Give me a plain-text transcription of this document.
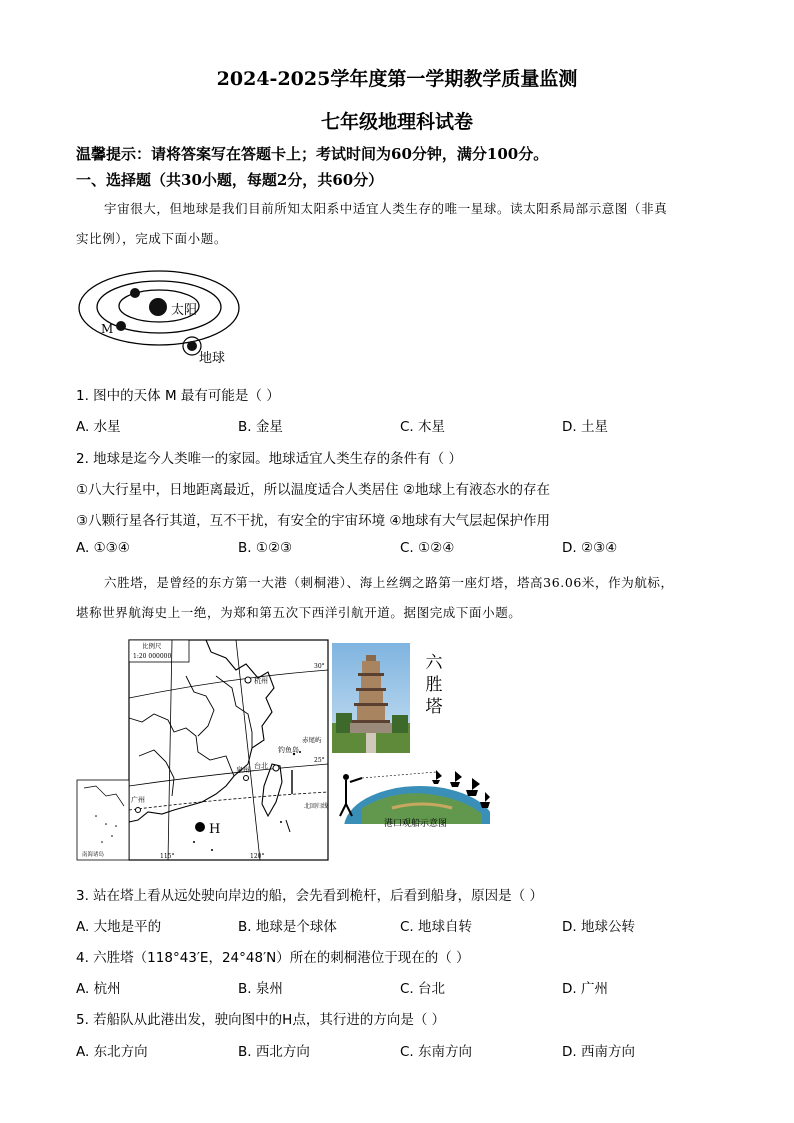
2024-2025学年度第一学期教学质量监测
七年级地理科试卷
温馨提示：请将答案写在答题卡上；考试时间为60分钟，满分100分。
一、选择题（共30小题，每题2分，共60分）
宇宙很大，但地球是我们目前所知太阳系中适宜人类生存的唯一星球。读太阳系局部示意图（非真
实比例），完成下面小题。
太阳
M
地球
1. 图中的天体 M 最有可能是（ ）
A. 水星	B. 金星	C. 木星	D. 土星
2. 地球是迄今人类唯一的家园。地球适宜人类生存的条件有（ ）
①八大行星中，日地距离最近，所以温度适合人类居住 ②地球上有液态水的存在
③八颗行星各行其道，互不干扰，有安全的宇宙环境 ④地球有大气层起保护作用
A. ①③④	B. ①②③	C. ①②④	D. ②③④
六胜塔，是曾经的东方第一大港（刺桐港）、海上丝绸之路第一座灯塔，塔高36.06米，作为航标，
堪称世界航海史上一绝，为郑和第五次下西洋引航开道。据图完成下面小题。
比例尺
1:20 000000
杭州
泉州 台北
广州
钓鱼岛
赤尾屿
30°
25°
北回归线
115°	120°
H
南海诸岛
六胜塔
港口观船示意图
3. 站在塔上看从远处驶向岸边的船，会先看到桅杆，后看到船身，原因是（ ）
A. 大地是平的	B. 地球是个球体	C. 地球自转	D. 地球公转
4. 六胜塔（118°43′E，24°48′N）所在的刺桐港位于现在的（ ）
A. 杭州	B. 泉州	C. 台北	D. 广州
5. 若船队从此港出发，驶向图中的H点，其行进的方向是（ ）
A. 东北方向	B. 西北方向	C. 东南方向	D. 西南方向
